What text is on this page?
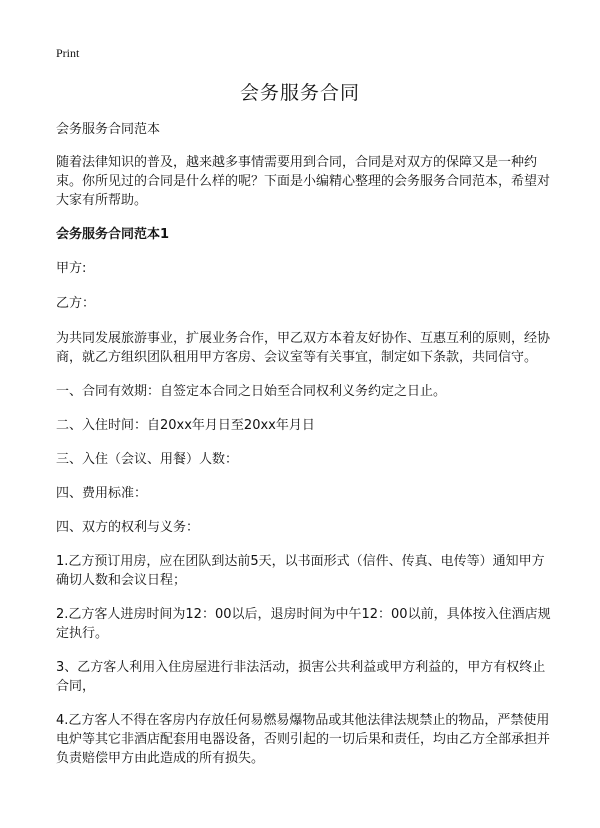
Print
会务服务合同

会务服务合同范本

随着法律知识的普及，越来越多事情需要用到合同，合同是对双方的保障又是一种约束。你所见过的合同是什么样的呢？下面是小编精心整理的会务服务合同范本，希望对大家有所帮助。

会务服务合同范本1

甲方:

乙方：

为共同发展旅游事业，扩展业务合作，甲乙双方本着友好协作、互惠互利的原则，经协商，就乙方组织团队租用甲方客房、会议室等有关事宜，制定如下条款，共同信守。

一、合同有效期：自签定本合同之日始至合同权利义务约定之日止。

二、入住时间：自20xx年月日至20xx年月日

三、入住（会议、用餐）人数：

四、费用标准：

四、双方的权利与义务：

1.乙方预订用房，应在团队到达前5天，以书面形式（信件、传真、电传等）通知甲方确切人数和会议日程；

2.乙方客人进房时间为12：00以后，退房时间为中午12：00以前，具体按入住酒店规定执行。

3、乙方客人利用入住房屋进行非法活动，损害公共利益或甲方利益的，甲方有权终止合同，

4.乙方客人不得在客房内存放任何易燃易爆物品或其他法律法规禁止的物品，严禁使用电炉等其它非酒店配套用电器设备，否则引起的一切后果和责任，均由乙方全部承担并负责赔偿甲方由此造成的所有损失。
